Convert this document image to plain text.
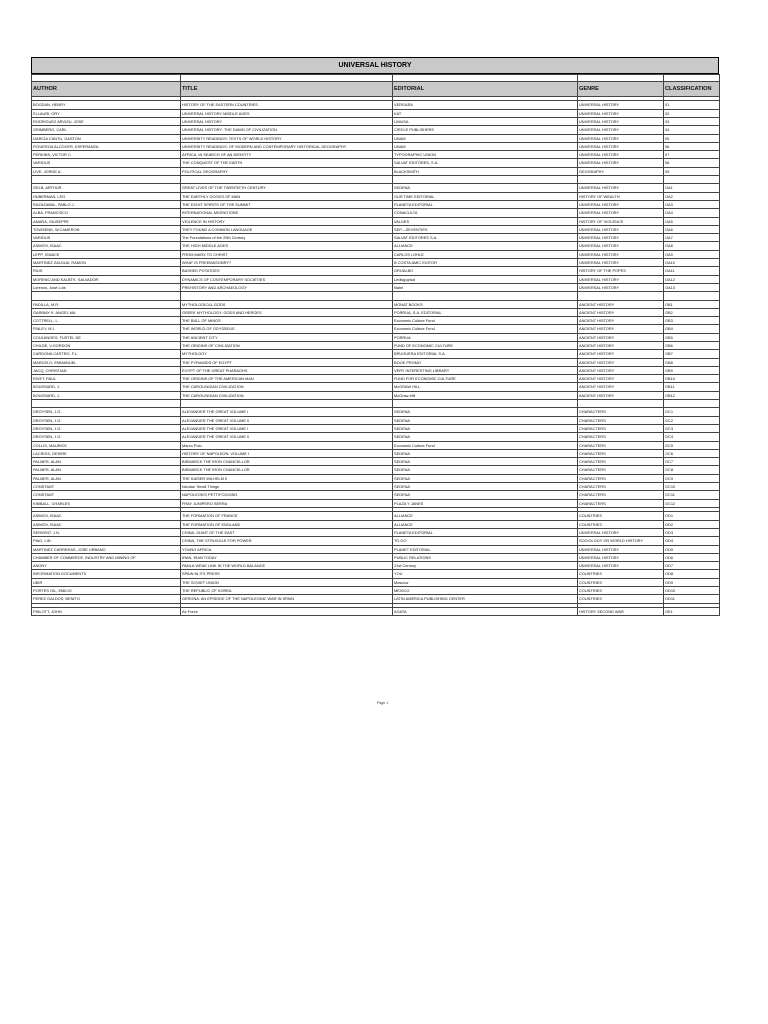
UNIVERSAL HISTORY

AUTHOR	TITLE	EDITORIAL	GENRE	CLASSIFICATION

BOGDAN, HENRY	HISTORY OF THE EASTERN COUNTRIES	VERGARA	UNIVERSAL HISTORY	01
ELLAURI, ORY	UNIVERSAL HISTORY MIDDLE AGES	KAT	UNIVERSAL HISTORY	02
RODRIGUEZ ARVIZU, JOSE	UNIVERSAL HISTORY	LIMUSA	UNIVERSAL HISTORY	03
GRIMBERG, CARL	UNIVERSAL HISTORY: THE DAWN OF CIVILIZATION	CIRCLE PUBLISHERS	UNIVERSAL HISTORY	04
GARCIA CANTU, GASTON	UNIVERSITY READINGS: TEXTS OF WORLD HISTORY	UNAM	UNIVERSAL HISTORY	05
FIGUEROA ALCOCER, ESPERANZA	UNIVERSITY READINGS: OF MODERN AND CONTEMPORARY HISTORICAL GEOGRAPHY	UNAM	UNIVERSAL HISTORY	06
PERKINS, VICTOR C.	AFRICA, IN SEARCH OF AN IDENTITY	TYPOGRAPHIC UNION	UNIVERSAL HISTORY	07
VARIOUS	THE CONQUEST OF THE EARTH	SALVAT EDITORES, S.A.	UNIVERSAL HISTORY	08
LIVE, JORGE A.	POLITICAL GEOGRAPHY	BLACKSMITH	GEOGRAPHY	09

GELB, ARTHUR	GREAT LIVES OF THE TWENTIETH CENTURY	SEDENA	UNIVERSAL HISTORY	OA1
HUBERMAN, LEO	THE EARTHLY GOODS OF MAN	OUR TIME EDITORIAL	HISTORY OF WEALTH	OA2
RAZAZABAL, PABLO J.	THE EIGHT SPIRITS OF THE SUMMIT	PLANETA EDITORIAL	UNIVERSAL HISTORY	OA3
ALBA, FRANCISCO	INTERNATIONAL MIGRATIONS	CONACULTA	UNIVERSAL HISTORY	OA4
AMARA, GIUSEPPE	VIOLENCE IN HISTORY	VALDES	HISTORY OF VIOLENCE	OA5
TOWSEND, W.CAMERON	THEY FOUND A COMMON LANGUAGE	SEP—SEVENTIES	UNIVERSAL HISTORY	OA6
VARIOUS	The Foundations of the 20th Century	SALVAT EDITORES S.A.	UNIVERSAL HISTORY	OA7
ASIMOV, ISAAC	THE HIGH MIDDLE AGES	ALLIANCE	UNIVERSAL HISTORY	OA8
LEPP, IGNACE	FROM MARX TO CHRIST	CARLOS LOHLE	UNIVERSAL HISTORY	OA9
MARTINEZ ZALDUA, RAMON	WHAT IS FREEMASONRY?	B COSTA AMIC EDITOR	UNIVERSAL HISTORY	OA10
RIUS	BASHED POTATOES	GRIJALBO	HISTORY OF THE POPES	OA11
MORENO AND KALBTK, SALVADOR	DYNAMICS OF CONTEMPORARY SOCIETIES	Ledisguptud	UNIVERSAL HISTORY	OA12
Lorenzo, José Luis	PREHISTORY AND ARCHAEOLOGY	Nahri	UNIVERSAL HISTORY	OA13

PADILLA, M.R.	MYTHOLOGICAL GODS	MONAT BOOKS	ANCIENT HISTORY	OB1
GARIBAY K. ANGEL MA.	GREEK MYTHOLOGY: GODS AND HEROES	PORRUA, S.A. EDITORIAL	ANCIENT HISTORY	OB2
COTTRELL, L.	THE BULL OF MINOS	Economic Culture Fund	ANCIENT HISTORY	OB3
FINLEY, M.I.	THE WORLD OF ODYSSEUS	Economic Culture Fund	ANCIENT HISTORY	OB4
COULANGES, FUSTEL DE	THE ANCIENT CITY	PORRUA	ANCIENT HISTORY	OB5
CHILDE, V.GORDON	THE ORIGINS OF CIVILIZATION	FUND OF ECONOMIC CULTURE	ANCIENT HISTORY	OB6
CARDONA CASTRO, F.L.	MYTHOLOGY	BRUGUERA EDITORIAL S.A.	ANCIENT HISTORY	OB7
MARCELO, EMMANUEL	THE PYRAMIDS OF EGYPT	BOOK PROMO	ANCIENT HISTORY	OB8
JACQ, CHRISTIAN	EGYPT OF THE GREAT PHARAOHS	VERY INTERESTING LIBRARY	ANCIENT HISTORY	OB9
RIVET, PAUL	THE ORIGINS OF THE AMERICAN MAN	FUND FOR ECONOMIC CULTURE	ANCIENT HISTORY	OB10
BOUSSARD, J.	THE CAROLINGIAN CIVILIZATION	McGRAW HILL	ANCIENT HISTORY	OB11
BOUSSARD, J.	THE CAROLINGIAN CIVILIZATION	McGraw-Hill	ANCIENT HISTORY	OB12

DROYSEN, J.G.	ALEXANDER THE GREAT VOLUME I	SEDENA	CHARACTERS	OC1
DROYSEN, J.G.	ALEXANDER THE GREAT VOLUME II	SEDENA	CHARACTERS	OC2
DROYSEN, J.G.	ALEXANDER THE GREAT VOLUME I	SEDENA	CHARACTERS	OC3
DROYSEN, J.G.	ALEXANDER THE GREAT VOLUME II	SEDENA	CHARACTERS	OC4
COLLIS, MAURICE	Marco Polo	Economic Culture Fund	CHARACTERS	OC5
LACROIX, DESIRE	HISTORY OF NAPOLEON: VOLUME I	SEDENA	CHARACTERS	OC6
PALMER, ALAN	BISMARCK THE IRON CHANCELLOR	SEDENA	CHARACTERS	OC7
PALMER, ALAN	BISMARCK THE IRON CHANCELLOR	SEDENA	CHARACTERS	OC8
PALMER, ALAN	THE KAISER WILHELM II	SEDENA	CHARACTERS	OC9
CONSTANT	Nicolas' Small Things	SEDENA	CHARACTERS	OC10
CONSTANT	NAPOLEON'S PETTIFOGGING	SEDENA	CHARACTERS	OC11
KIMBALL, CHARLES	FRAY JUNIPERO SERRA	PLAZA Y JANES	CHARACTERS	OC12

ASIMOV, ISAAC	THE FORMATION OF FRANCE	ALLIANCE	COUNTRIES	OD1
ASIMOV, ISAAC	THE FORMATION OF ENGLAND	ALLIANCE	COUNTRIES	OD2
SERVENT, J.N.	CHINA, GIANT OF THE EAST	PLANETA EDITORIAL	UNIVERSAL HISTORY	OD3
PIAO, LIN	CHINA, THE STRUGGLE FOR POWER	TO GO	SOCIOLOGY OR WORLD HISTORY	OD4
MARTINEZ CARRERAS, JOSE URBANO	YOUNG AFRICA	PLANET EDITORIAL	UNIVERSAL HISTORY	OD5
CHAMBER OF COMMERCE, INDUSTRY AND MINING OF	IRAN, IRAN TODAY	PUBLIC RELATIONS	UNIVERSAL HISTORY	OD6
ANONY	PANLA WEAK LINK IN THE WORLD BALANCE	21st Century	UNIVERSAL HISTORY	OD7
INFORMATION DOCUMENTS	SPAIN IN ITS PRESS	YOU	COUNTRIES	OD8
UBIR	THE SOVIET UNION	Moscow	COUNTRIES	OD9
PORTES GIL, EMILIO	THE REPUBLIC OF KOREA	MEXICO	COUNTRIES	OD10
PEREZ GALDOS, BENITO	GERONA: AN EPISODE OF THE NAPOLEONIC WAR IN SPAIN	LATIN AMERICA PUBLISHING CENTER	COUNTRIES	OD11

PINLOTT, JOHN	Air Force	AGATA	HISTORY SECOND WAR	OE1
Page 1
